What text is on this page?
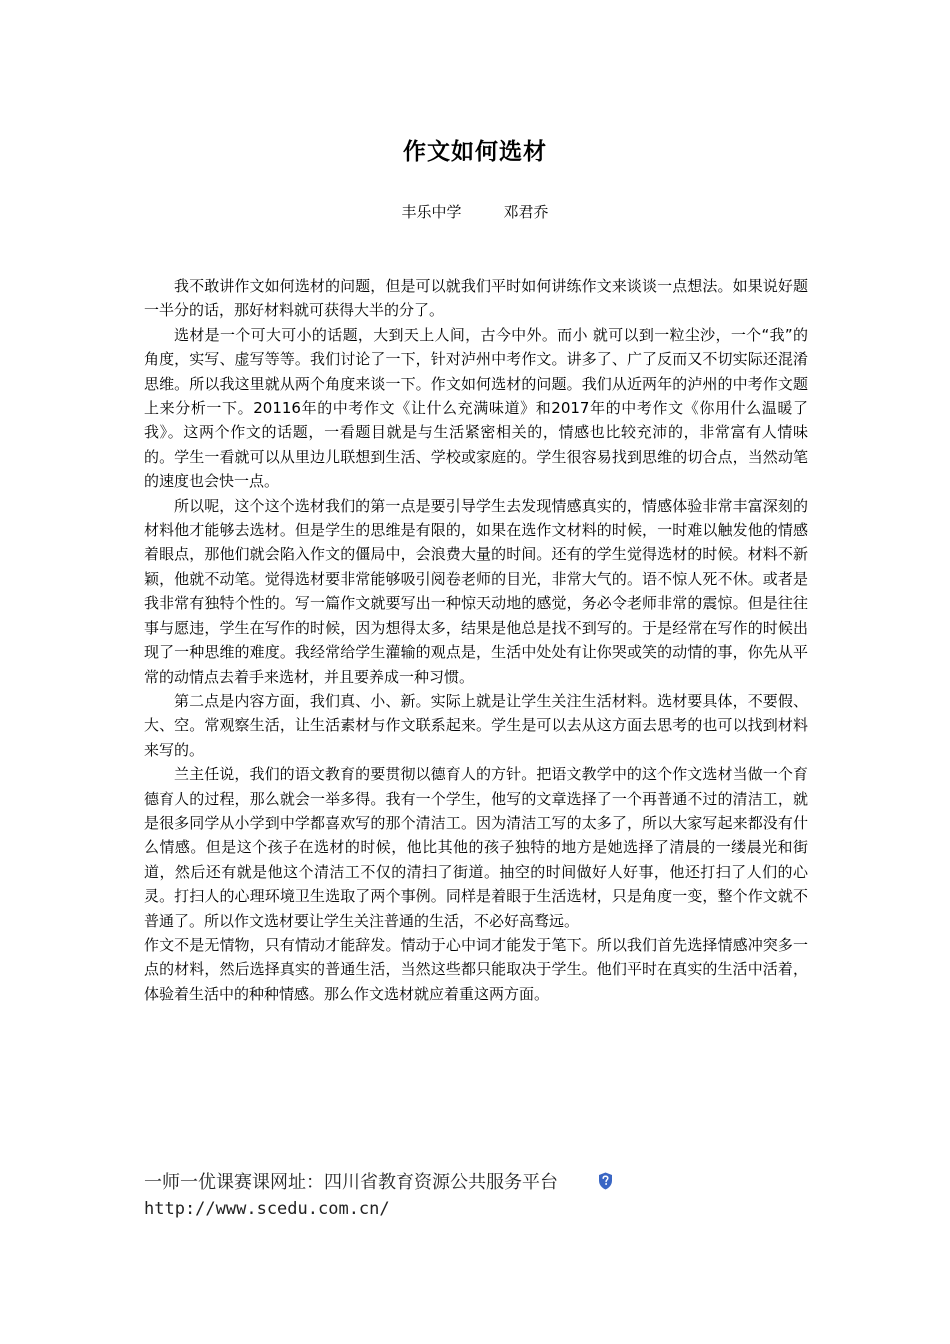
作文如何选材
丰乐中学	邓君乔

我不敢讲作文如何选材的问题，但是可以就我们平时如何讲练作文来谈谈一点想法。如果说好题一半分的话，那好材料就可获得大半的分了。

选材是一个可大可小的话题，大到天上人间，古今中外。而小 就可以到一粒尘沙，一个“我”的角度，实写、虚写等等。我们讨论了一下，针对泸州中考作文。讲多了、广了反而又不切实际还混淆思维。所以我这里就从两个角度来谈一下。作文如何选材的问题。我们从近两年的泸州的中考作文题上来分析一下。20116年的中考作文《让什么充满味道》和2017年的中考作文《你用什么温暖了我》。这两个作文的话题，一看题目就是与生活紧密相关的，情感也比较充沛的，非常富有人情味的。学生一看就可以从里边儿联想到生活、学校或家庭的。学生很容易找到思维的切合点，当然动笔的速度也会快一点。

所以呢，这个这个选材我们的第一点是要引导学生去发现情感真实的，情感体验非常丰富深刻的材料他才能够去选材。但是学生的思维是有限的，如果在选作文材料的时候，一时难以触发他的情感着眼点，那他们就会陷入作文的僵局中，会浪费大量的时间。还有的学生觉得选材的时候。材料不新颖，他就不动笔。觉得选材要非常能够吸引阅卷老师的目光，非常大气的。语不惊人死不休。或者是我非常有独特个性的。写一篇作文就要写出一种惊天动地的感觉，务必令老师非常的震惊。但是往往事与愿违，学生在写作的时候，因为想得太多，结果是他总是找不到写的。于是经常在写作的时候出现了一种思维的难度。我经常给学生灌输的观点是，生活中处处有让你哭或笑的动情的事，你先从平常的动情点去着手来选材，并且要养成一种习惯。

第二点是内容方面，我们真、小、新。实际上就是让学生关注生活材料。选材要具体，不要假、大、空。常观察生活，让生活素材与作文联系起来。学生是可以去从这方面去思考的也可以找到材料来写的。

兰主任说，我们的语文教育的要贯彻以德育人的方针。把语文教学中的这个作文选材当做一个育德育人的过程，那么就会一举多得。我有一个学生，他写的文章选择了一个再普通不过的清洁工，就是很多同学从小学到中学都喜欢写的那个清洁工。因为清洁工写的太多了，所以大家写起来都没有什么情感。但是这个孩子在选材的时候，他比其他的孩子独特的地方是她选择了清晨的一缕晨光和街道，然后还有就是他这个清洁工不仅的清扫了街道。抽空的时间做好人好事，他还打扫了人们的心灵。打扫人的心理环境卫生选取了两个事例。同样是着眼于生活选材，只是角度一变，整个作文就不普通了。所以作文选材要让学生关注普通的生活，不必好高骛远。

作文不是无情物，只有情动才能辞发。情动于心中词才能发于笔下。所以我们首先选择情感冲突多一点的材料，然后选择真实的普通生活，当然这些都只能取决于学生。他们平时在真实的生活中活着，体验着生活中的种种情感。那么作文选材就应着重这两方面。

一师一优课赛课网址：四川省教育资源公共服务平台http://www.scedu.com.cn/
